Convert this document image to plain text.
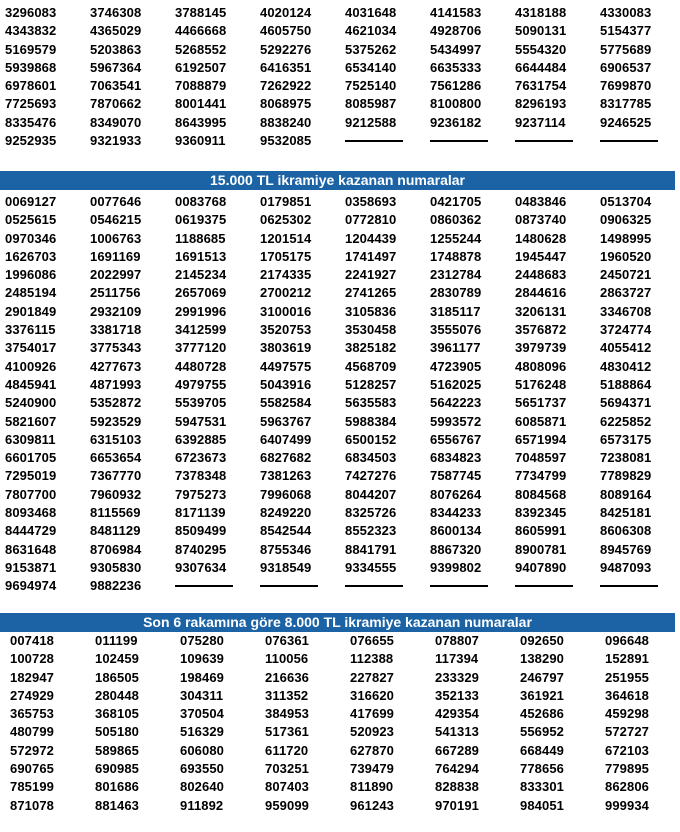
3296083	3746308	3788145	4020124	4031648	4141583	4318188	4330083
4343832	4365029	4466668	4605750	4621034	4928706	5090131	5154377
5169579	5203863	5268552	5292276	5375262	5434997	5554320	5775689
5939868	5967364	6192507	6416351	6534140	6635333	6644484	6906537
6978601	7063541	7088879	7262922	7525140	7561286	7631754	7699870
7725693	7870662	8001441	8068975	8085987	8100800	8296193	8317785
8335476	8349070	8643995	8838240	9212588	9236182	9237114	9246525
9252935	9321933	9360911	9532085
15.000 TL ikramiye kazanan numaralar
0069127	0077646	0083768	0179851	0358693	0421705	0483846	0513704
0525615	0546215	0619375	0625302	0772810	0860362	0873740	0906325
0970346	1006763	1188685	1201514	1204439	1255244	1480628	1498995
1626703	1691169	1691513	1705175	1741497	1748878	1945447	1960520
1996086	2022997	2145234	2174335	2241927	2312784	2448683	2450721
2485194	2511756	2657069	2700212	2741265	2830789	2844616	2863727
2901849	2932109	2991996	3100016	3105836	3185117	3206131	3346708
3376115	3381718	3412599	3520753	3530458	3555076	3576872	3724774
3754017	3775343	3777120	3803619	3825182	3961177	3979739	4055412
4100926	4277673	4480728	4497575	4568709	4723905	4808096	4830412
4845941	4871993	4979755	5043916	5128257	5162025	5176248	5188864
5240900	5352872	5539705	5582584	5635583	5642223	5651737	5694371
5821607	5923529	5947531	5963767	5988384	5993572	6085871	6225852
6309811	6315103	6392885	6407499	6500152	6556767	6571994	6573175
6601705	6653654	6723673	6827682	6834503	6834823	7048597	7238081
7295019	7367770	7378348	7381263	7427276	7587745	7734799	7789829
7807700	7960932	7975273	7996068	8044207	8076264	8084568	8089164
8093468	8115569	8171139	8249220	8325726	8344233	8392345	8425181
8444729	8481129	8509499	8542544	8552323	8600134	8605991	8606308
8631648	8706984	8740295	8755346	8841791	8867320	8900781	8945769
9153871	9305830	9307634	9318549	9334555	9399802	9407890	9487093
9694974	9882236
Son 6 rakamına göre 8.000 TL ikramiye kazanan numaralar
007418	011199	075280	076361	076655	078807	092650	096648
100728	102459	109639	110056	112388	117394	138290	152891
182947	186505	198469	216636	227827	233329	246797	251955
274929	280448	304311	311352	316620	352133	361921	364618
365753	368105	370504	384953	417699	429354	452686	459298
480799	505180	516329	517361	520923	541313	556952	572727
572972	589865	606080	611720	627870	667289	668449	672103
690765	690985	693550	703251	739479	764294	778656	779895
785199	801686	802640	807403	811890	828838	833301	862806
871078	881463	911892	959099	961243	970191	984051	999934
